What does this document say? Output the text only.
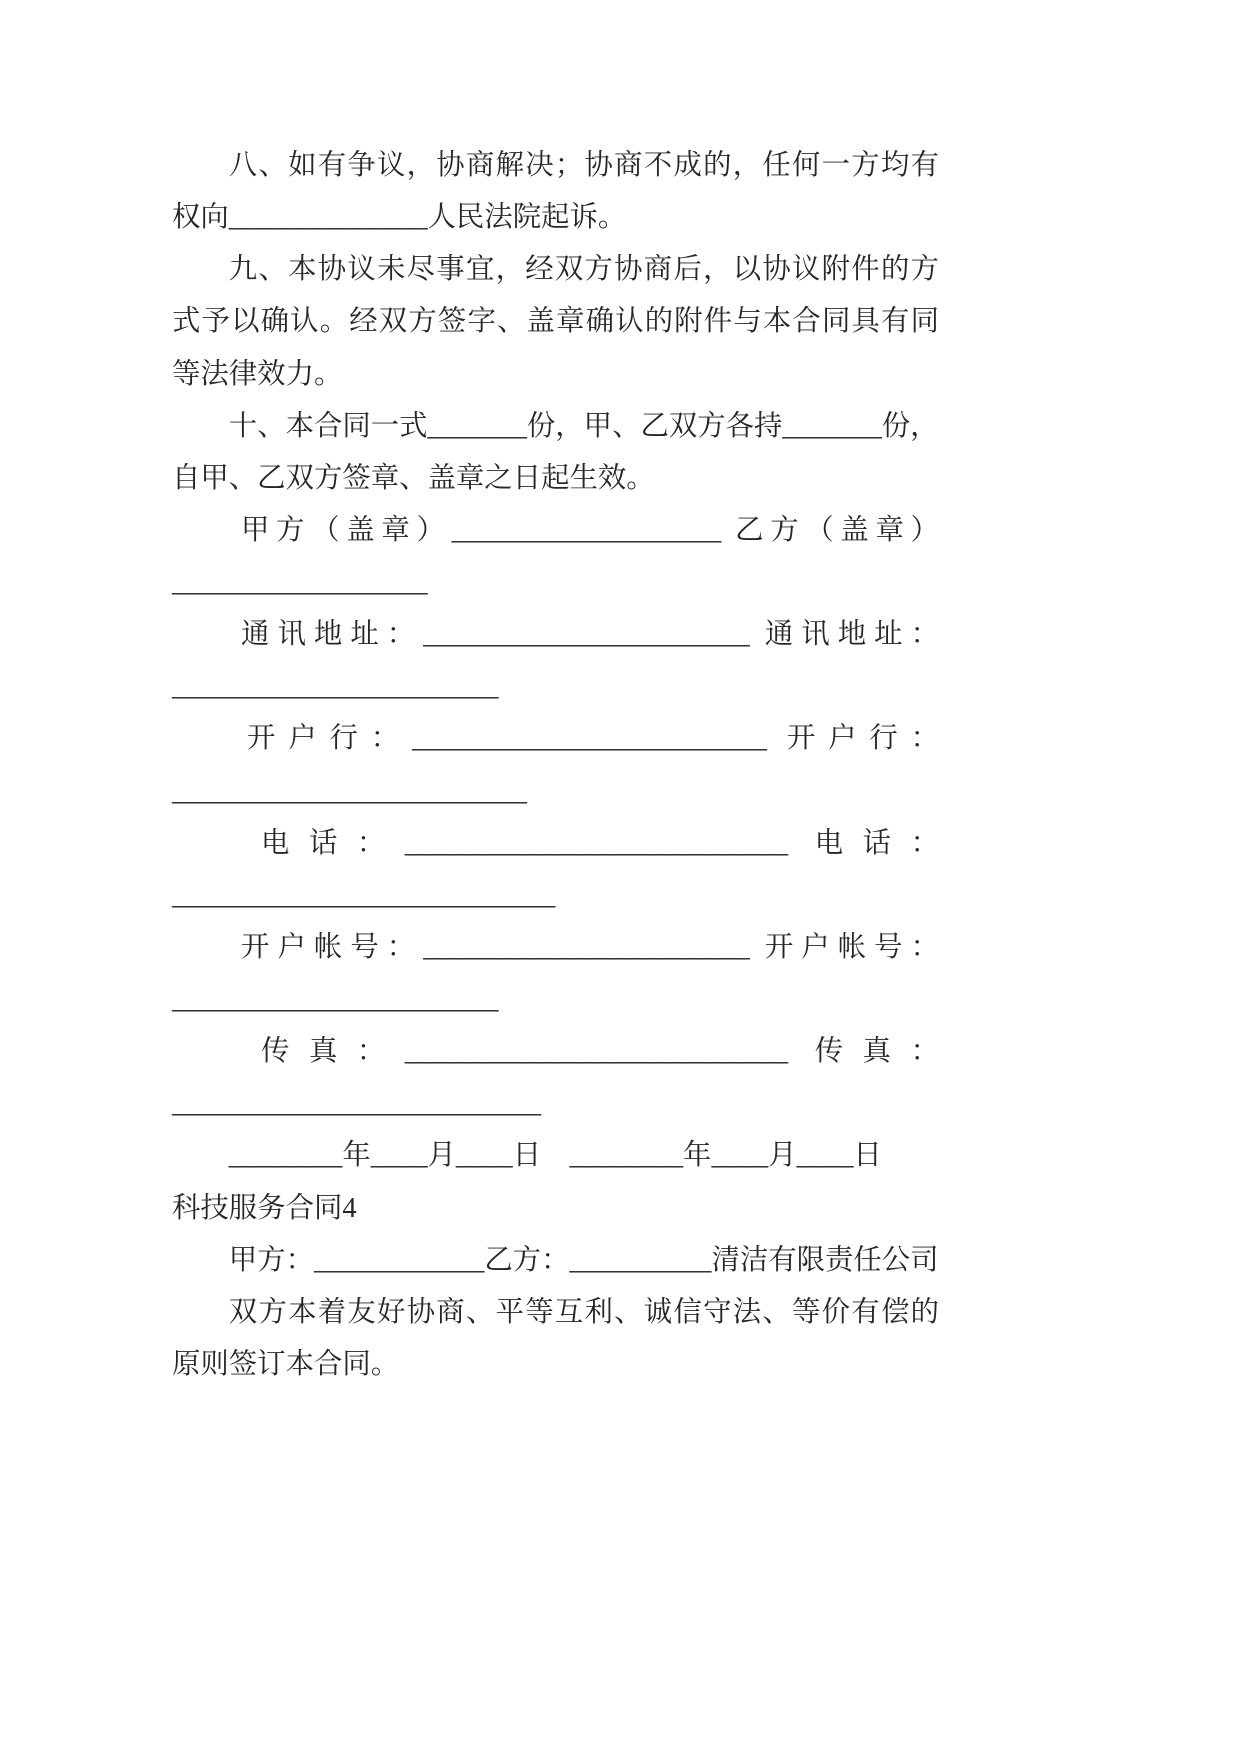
八、如有争议，协商解决；协商不成的，任何一方均有
权向______________人民法院起诉。
九、本协议未尽事宜，经双方协商后，以协议附件的方
式予以确认。经双方签字、盖章确认的附件与本合同具有同
等法律效力。
十、本合同一式_______份，甲、乙双方各持_______份，
自甲、乙双方签章、盖章之日起生效。
甲方（盖章）___________________ 乙方（盖章）
__________________
通讯地址：_______________________ 通讯地址：
_______________________
开户行：_________________________ 开户行：
_________________________
电话：___________________________ 电话：
___________________________
开户帐号：_______________________ 开户帐号：
_______________________
传真：___________________________ 传真：
__________________________
________年____月____日　________年____月____日
科技服务合同4
甲方：____________乙方：__________清洁有限责任公司
双方本着友好协商、平等互利、诚信守法、等价有偿的
原则签订本合同。
